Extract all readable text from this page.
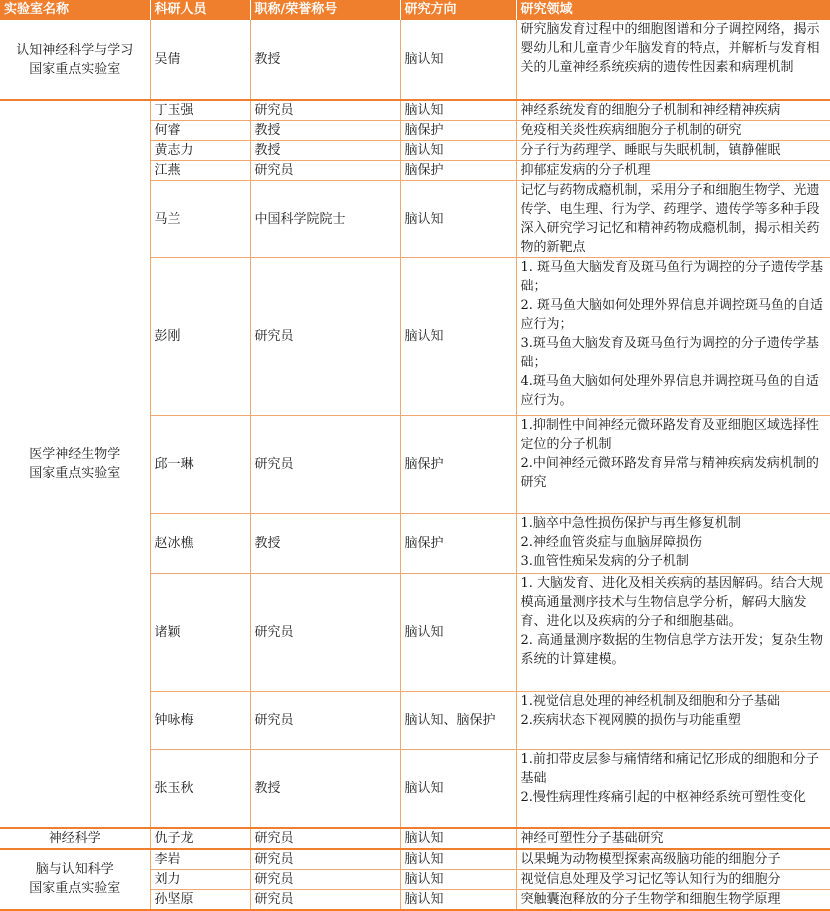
实验室名称	科研人员	职称/荣誉称号	研究方向	研究领域
认知神经科学与学习
国家重点实验室	吴倩	教授	脑认知	研究脑发育过程中的细胞图谱和分子调控网络，揭示婴幼儿和儿童青少年脑发育的特点，并解析与发育相关的儿童神经系统疾病的遗传性因素和病理机制
医学神经生物学
国家重点实验室	丁玉强	研究员	脑认知	神经系统发育的细胞分子机制和神经精神疾病
	何睿	教授	脑保护	免疫相关炎性疾病细胞分子机制的研究
	黄志力	教授	脑认知	分子行为药理学、睡眠与失眠机制，镇静催眠
	江燕	研究员	脑保护	抑郁症发病的分子机理
	马兰	中国科学院院士	脑认知	记忆与药物成瘾机制，采用分子和细胞生物学、光遗传学、电生理、行为学、药理学、遗传学等多种手段深入研究学习记忆和精神药物成瘾机制，揭示相关药物的新靶点
	彭刚	研究员	脑认知	1. 斑马鱼大脑发育及斑马鱼行为调控的分子遗传学基础；
2. 斑马鱼大脑如何处理外界信息并调控斑马鱼的自适应行为；
3.斑马鱼大脑发育及斑马鱼行为调控的分子遗传学基础；
4.斑马鱼大脑如何处理外界信息并调控斑马鱼的自适应行为。
	邱一琳	研究员	脑保护	1.抑制性中间神经元微环路发育及亚细胞区域选择性定位的分子机制
2.中间神经元微环路发育异常与精神疾病发病机制的研究
	赵冰樵	教授	脑保护	1.脑卒中急性损伤保护与再生修复机制
2.神经血管炎症与血脑屏障损伤
3.血管性痴呆发病的分子机制
	诸颖	研究员	脑认知	1. 大脑发育、进化及相关疾病的基因解码。结合大规模高通量测序技术与生物信息学分析，解码大脑发育、进化以及疾病的分子和细胞基础。
2. 高通量测序数据的生物信息学方法开发；复杂生物系统的计算建模。
	钟咏梅	研究员	脑认知、脑保护	1.视觉信息处理的神经机制及细胞和分子基础
2.疾病状态下视网膜的损伤与功能重塑
	张玉秋	教授	脑认知	1.前扣带皮层参与痛情绪和痛记忆形成的细胞和分子基础
2.慢性病理性疼痛引起的中枢神经系统可塑性变化
神经科学	仇子龙	研究员	脑认知	神经可塑性分子基础研究
脑与认知科学
国家重点实验室	李岩	研究员	脑认知	以果蝇为动物模型探索高级脑功能的细胞分子
	刘力	研究员	脑认知	视觉信息处理及学习记忆等认知行为的细胞分
	孙坚原	研究员	脑认知	突触囊泡释放的分子生物学和细胞生物学原理
